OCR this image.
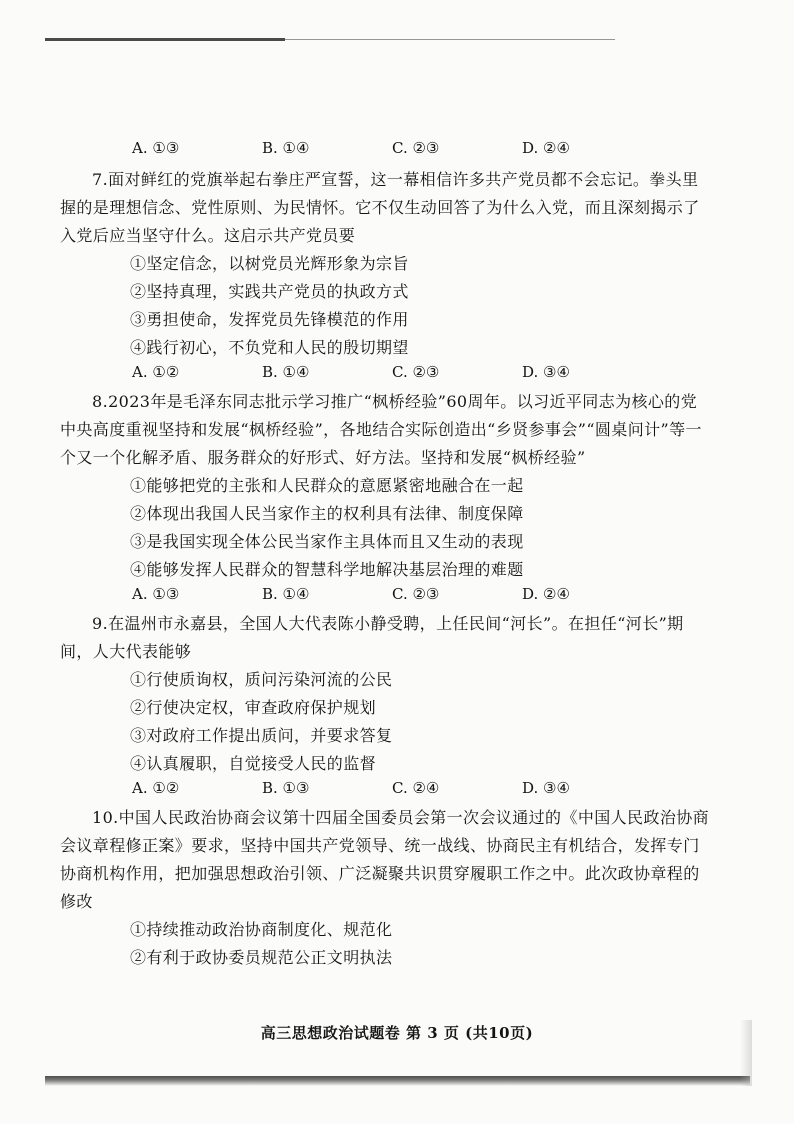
A. ①③	B. ①④	C. ②③	D. ②④

7.面对鲜红的党旗举起右拳庄严宣誓，这一幕相信许多共产党员都不会忘记。拳头里握的是理想信念、党性原则、为民情怀。它不仅生动回答了为什么入党，而且深刻揭示了入党后应当坚守什么。这启示共产党员要

①坚定信念，以树党员光辉形象为宗旨
②坚持真理，实践共产党员的执政方式
③勇担使命，发挥党员先锋模范的作用
④践行初心，不负党和人民的殷切期望
A. ①②	B. ①④	C. ②③	D. ③④

8.2023年是毛泽东同志批示学习推广“枫桥经验”60周年。以习近平同志为核心的党中央高度重视坚持和发展“枫桥经验”，各地结合实际创造出“乡贤参事会”“圆桌问计”等一个又一个化解矛盾、服务群众的好形式、好方法。坚持和发展“枫桥经验”

①能够把党的主张和人民群众的意愿紧密地融合在一起
②体现出我国人民当家作主的权利具有法律、制度保障
③是我国实现全体公民当家作主具体而且又生动的表现
④能够发挥人民群众的智慧科学地解决基层治理的难题
A. ①③	B. ①④	C. ②③	D. ②④

9.在温州市永嘉县，全国人大代表陈小静受聘，上任民间“河长”。在担任“河长”期间，人大代表能够

①行使质询权，质问污染河流的公民
②行使决定权，审查政府保护规划
③对政府工作提出质问，并要求答复
④认真履职，自觉接受人民的监督
A. ①②	B. ①③	C. ②④	D. ③④

10.中国人民政治协商会议第十四届全国委员会第一次会议通过的《中国人民政治协商会议章程修正案》要求，坚持中国共产党领导、统一战线、协商民主有机结合，发挥专门协商机构作用，把加强思想政治引领、广泛凝聚共识贯穿履职工作之中。此次政协章程的修改

①持续推动政治协商制度化、规范化
②有利于政协委员规范公正文明执法
高三思想政治试题卷 第 3 页 (共10页)
